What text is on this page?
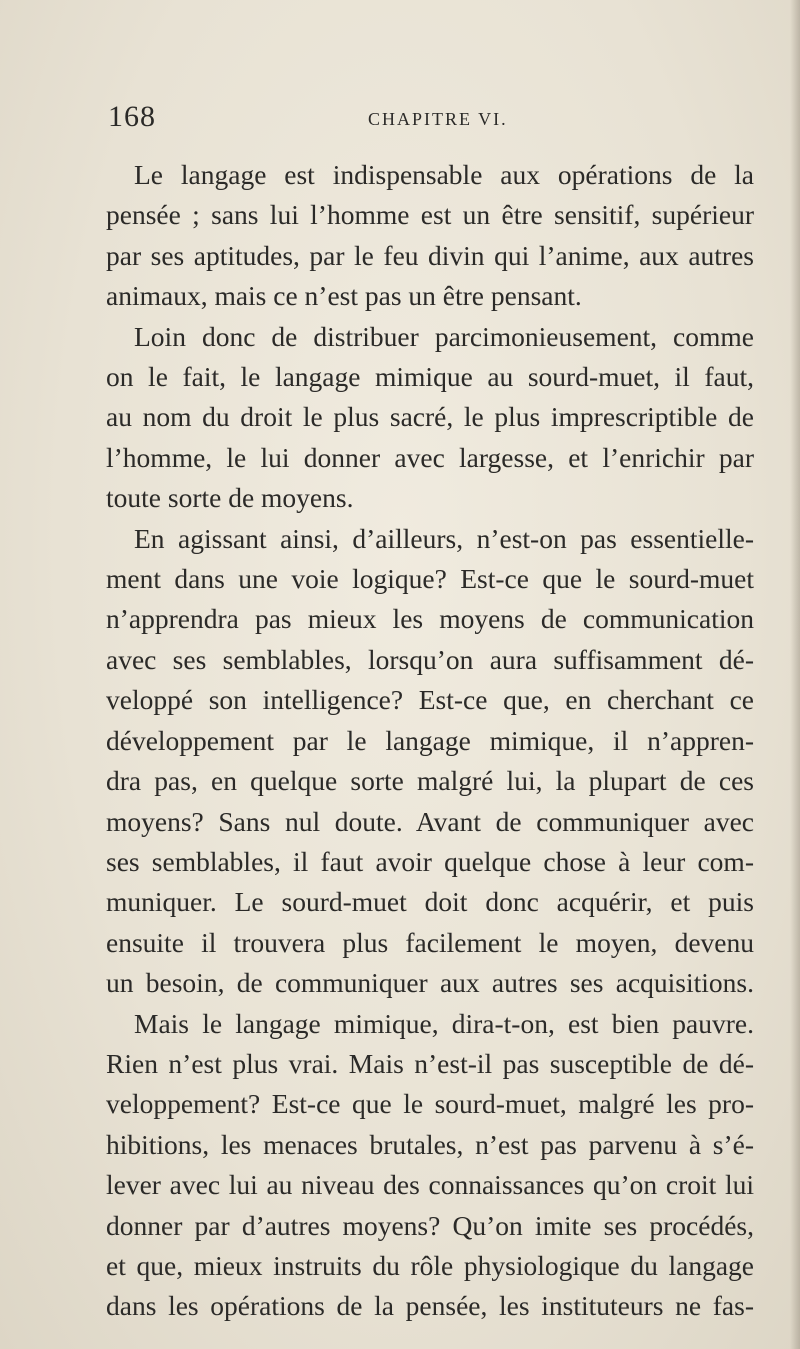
168	CHAPITRE VI.

Le langage est indispensable aux opérations de la

pensée ; sans lui l’homme est un être sensitif, supérieur

par ses aptitudes, par le feu divin qui l’anime, aux autres

animaux, mais ce n’est pas un être pensant.

Loin donc de distribuer parcimonieusement, comme

on le fait, le langage mimique au sourd-muet, il faut,

au nom du droit le plus sacré, le plus imprescriptible de

l’homme, le lui donner avec largesse, et l’enrichir par

toute sorte de moyens.

En agissant ainsi, d’ailleurs, n’est-on pas essentielle-

ment dans une voie logique? Est-ce que le sourd-muet

n’apprendra pas mieux les moyens de communication

avec ses semblables, lorsqu’on aura suffisamment dé-

veloppé son intelligence? Est-ce que, en cherchant ce

développement par le langage mimique, il n’appren-

dra pas, en quelque sorte malgré lui, la plupart de ces

moyens? Sans nul doute. Avant de communiquer avec

ses semblables, il faut avoir quelque chose à leur com-

muniquer. Le sourd-muet doit donc acquérir, et puis

ensuite il trouvera plus facilement le moyen, devenu

un besoin, de communiquer aux autres ses acquisitions.

Mais le langage mimique, dira-t-on, est bien pauvre.

Rien n’est plus vrai. Mais n’est-il pas susceptible de dé-

veloppement? Est-ce que le sourd-muet, malgré les pro-

hibitions, les menaces brutales, n’est pas parvenu à s’é-

lever avec lui au niveau des connaissances qu’on croit lui

donner par d’autres moyens? Qu’on imite ses procédés,

et que, mieux instruits du rôle physiologique du langage

dans les opérations de la pensée, les instituteurs ne fas-
